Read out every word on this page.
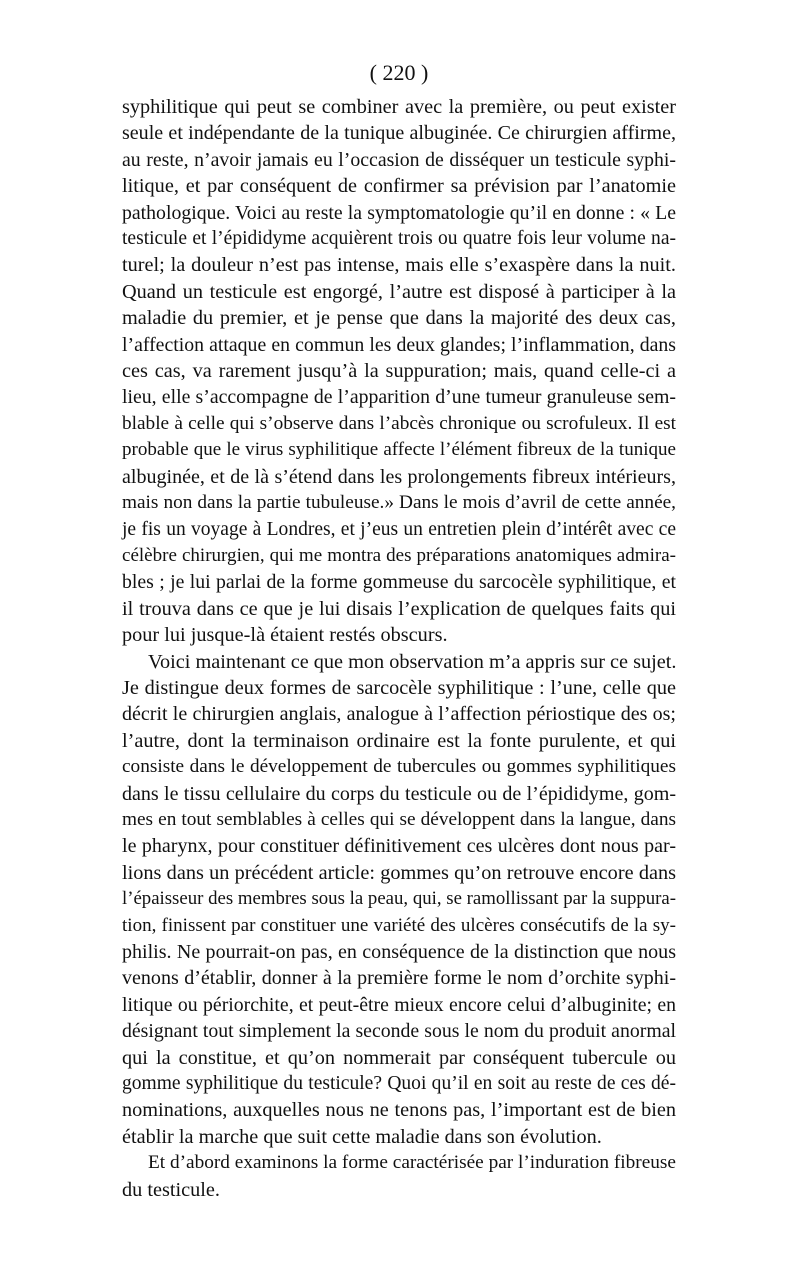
( 220 )
syphilitique qui peut se combiner avec la première, ou peut exister
seule et indépendante de la tunique albuginée. Ce chirurgien affirme,
au reste, n’avoir jamais eu l’occasion de disséquer un testicule syphi-
litique, et par conséquent de confirmer sa prévision par l’anatomie
pathologique. Voici au reste la symptomatologie qu’il en donne : « Le
testicule et l’épididyme acquièrent trois ou quatre fois leur volume na-
turel; la douleur n’est pas intense, mais elle s’exaspère dans la nuit.
Quand un testicule est engorgé, l’autre est disposé à participer à la
maladie du premier, et je pense que dans la majorité des deux cas,
l’affection attaque en commun les deux glandes; l’inflammation, dans
ces cas, va rarement jusqu’à la suppuration; mais, quand celle-ci a
lieu, elle s’accompagne de l’apparition d’une tumeur granuleuse sem-
blable à celle qui s’observe dans l’abcès chronique ou scrofuleux. Il est
probable que le virus syphilitique affecte l’élément fibreux de la tunique
albuginée, et de là s’étend dans les prolongements fibreux intérieurs,
mais non dans la partie tubuleuse.» Dans le mois d’avril de cette année,
je fis un voyage à Londres, et j’eus un entretien plein d’intérêt avec ce
célèbre chirurgien, qui me montra des préparations anatomiques admira-
bles ; je lui parlai de la forme gommeuse du sarcocèle syphilitique, et
il trouva dans ce que je lui disais l’explication de quelques faits qui
pour lui jusque-là étaient restés obscurs.
Voici maintenant ce que mon observation m’a appris sur ce sujet.
Je distingue deux formes de sarcocèle syphilitique : l’une, celle que
décrit le chirurgien anglais, analogue à l’affection périostique des os;
l’autre, dont la terminaison ordinaire est la fonte purulente, et qui
consiste dans le développement de tubercules ou gommes syphilitiques
dans le tissu cellulaire du corps du testicule ou de l’épididyme, gom-
mes en tout semblables à celles qui se développent dans la langue, dans
le pharynx, pour constituer définitivement ces ulcères dont nous par-
lions dans un précédent article: gommes qu’on retrouve encore dans
l’épaisseur des membres sous la peau, qui, se ramollissant par la suppura-
tion, finissent par constituer une variété des ulcères consécutifs de la sy-
philis. Ne pourrait-on pas, en conséquence de la distinction que nous
venons d’établir, donner à la première forme le nom d’orchite syphi-
litique ou périorchite, et peut-être mieux encore celui d’albuginite; en
désignant tout simplement la seconde sous le nom du produit anormal
qui la constitue, et qu’on nommerait par conséquent tubercule ou
gomme syphilitique du testicule? Quoi qu’il en soit au reste de ces dé-
nominations, auxquelles nous ne tenons pas, l’important est de bien
établir la marche que suit cette maladie dans son évolution.
Et d’abord examinons la forme caractérisée par l’induration fibreuse
du testicule.
